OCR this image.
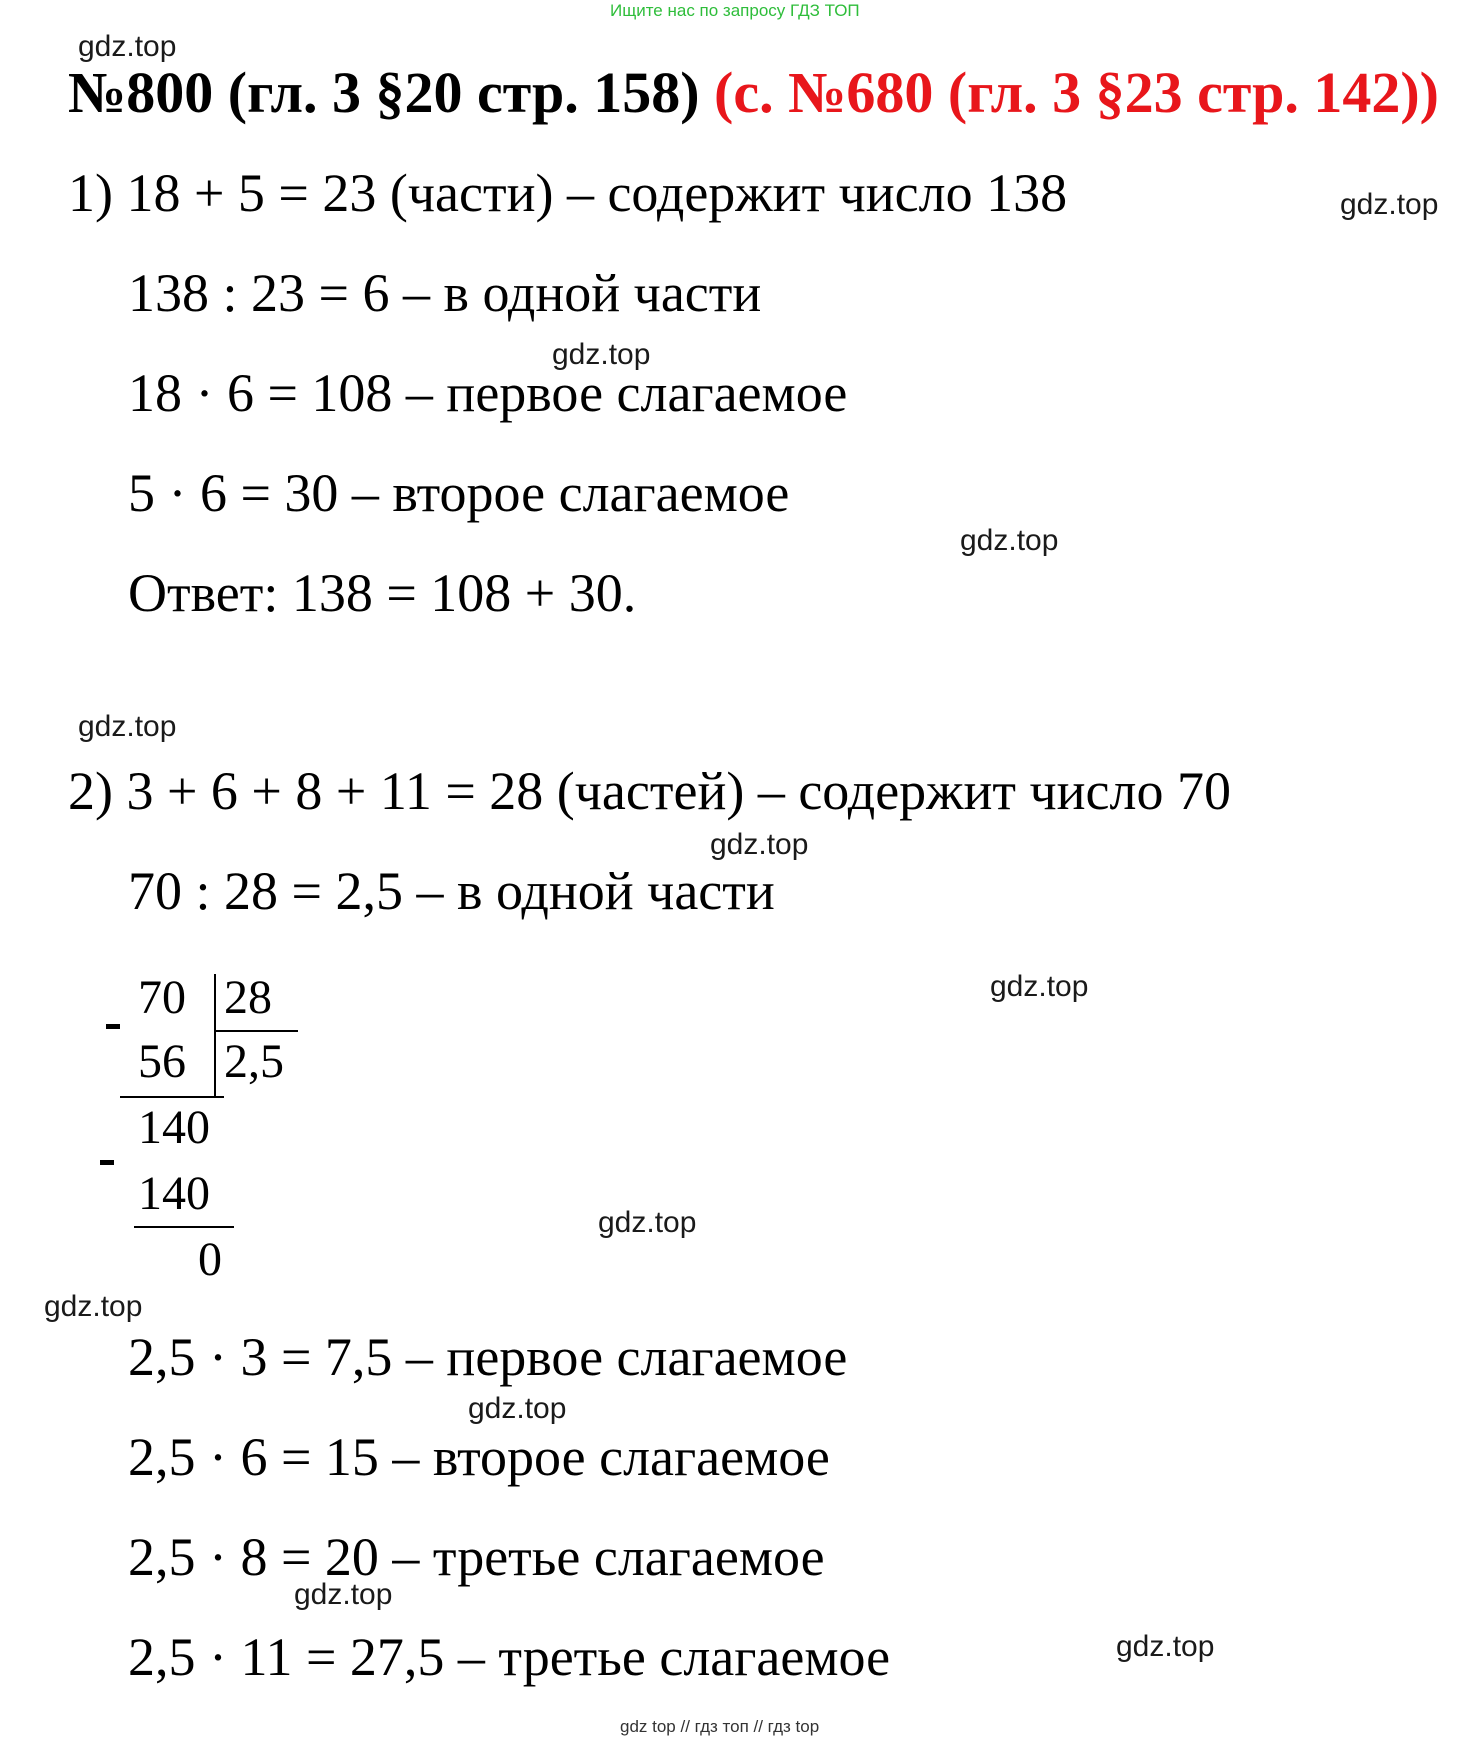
Ищите нас по запросу ГДЗ ТОП
№800 (гл. 3 §20 стр. 158) (с. №680 (гл. 3 §23 стр. 142))
1) 18 + 5 = 23 (части) – содержит число 138
138 : 23 = 6 – в одной части
18 · 6 = 108 – первое слагаемое
5 · 6 = 30 – второе слагаемое
Ответ: 138 = 108 + 30.
2) 3 + 6 + 8 + 11 = 28 (частей) – содержит число 70
70 : 28 = 2,5 – в одной части
70 28
56 2,5
140
140
0
2,5 · 3 = 7,5 – первое слагаемое
2,5 · 6 = 15 – второе слагаемое
2,5 · 8 = 20 – третье слагаемое
2,5 · 11 = 27,5 – третье слагаемое
gdz.top
gdz.top
gdz.top
gdz.top
gdz.top
gdz.top
gdz.top
gdz.top
gdz.top
gdz.top
gdz.top
gdz.top
gdz top // гдз топ // гдз top
